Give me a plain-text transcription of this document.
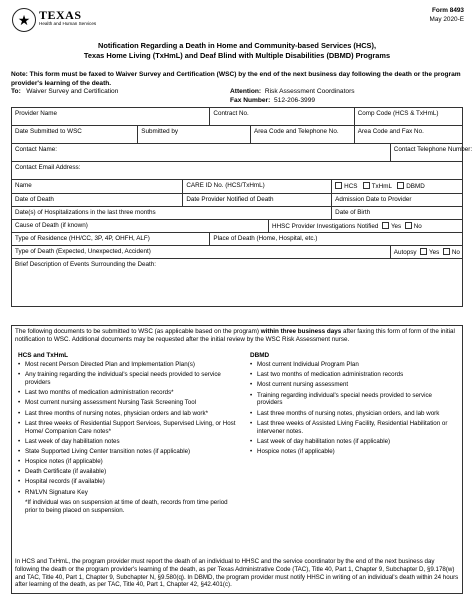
★ TEXAS
Health and Human Services
Form 8493
May 2020-E
Notification Regarding a Death in Home and Community-based Services (HCS),
Texas Home Living (TxHmL) and Deaf Blind with Multiple Disabilities (DBMD) Programs
Note: This form must be faxed to Waiver Survey and Certification (WSC) by the end of the next business day following the death or the program provider's learning of the death.
To: Waiver Survey and Certification	Attention: Risk Assessment Coordinators
Fax Number: 512-206-3999
Provider Name			Contract No.				Comp Code (HCS & TxHmL)	
Date Submitted to WSC	Submitted by			Area Code and Telephone No.			Area Code and Fax No.	
Contact Name:								Contact Telephone Number:
Contact Email Address:								
Name		CARE ID No. (HCS/TxHmL)				HCS TxHmL DBMD		
Date of Death		Date Provider Notified of Death				Admission Date to Provider		
Date(s) of Hospitalizations in the last three months						Date of Birth		
Cause of Death (if known)					HHSC Provider Investigations Notified Yes No			
Type of Residence (HH/CC, 3P, 4P, OHFH, ALF)			Place of Death (Home, Hospital, etc.)					
Type of Death (Expected, Unexpected, Accident)								Autopsy Yes No
Brief Description of Events Surrounding the Death:								
The following documents to be submitted to WSC (as applicable based on the program) within three business days after faxing this form of form of the initial notification to WSC. Additional documents may be requested after the initial review by the WSC Risk Assessment nurse.
HCS and TxHmL
• Most recent Person Directed Plan and Implementation Plan(s)
• Any training regarding the individual's special needs provided to service providers
• Last two months of medication administration records*
• Most current nursing assessment Nursing Task Screening Tool
• Last three months of nursing notes, physician orders and lab work*
• Last three weeks of Residential Support Services, Supervised Living, or Host Home/ Companion Care notes*
• Last week of day habilitation notes
• State Supported Living Center transition notes (if applicable)
• Hospice notes (if applicable)
• Death Certificate (if available)
• Hospital records (if available)
• RN/LVN Signature Key
*If individual was on suspension at time of death, records from time period prior to being placed on suspension.
DBMD
• Most current Individual Program Plan
• Last two months of medication administration records
• Most current nursing assessment
• Training regarding individual's special needs provided to service providers
• Last three months of nursing notes, physician orders, and lab work
• Last three weeks of Assisted Living Facility, Residential Habilitation or intervener notes.
• Last week of day habilitation notes (if applicable)
• Hospice notes (if applicable)
In HCS and TxHmL, the program provider must report the death of an individual to HHSC and the service coordinator by the end of the next business day following the death or the program provider's learning of the death, as per Texas Administrative Code (TAC), Title 40, Part 1, Chapter 9, Subchapter D, §9.178(w) and TAC, Title 40, Part 1, Chapter 9, Subchapter N, §9.580(q). In DBMD, the program provider must notify HHSC in writing of an individual's death within 24 hours after learning of the death, as per TAC, Title 40, Part 1, Chapter 42, §42.401(c).
